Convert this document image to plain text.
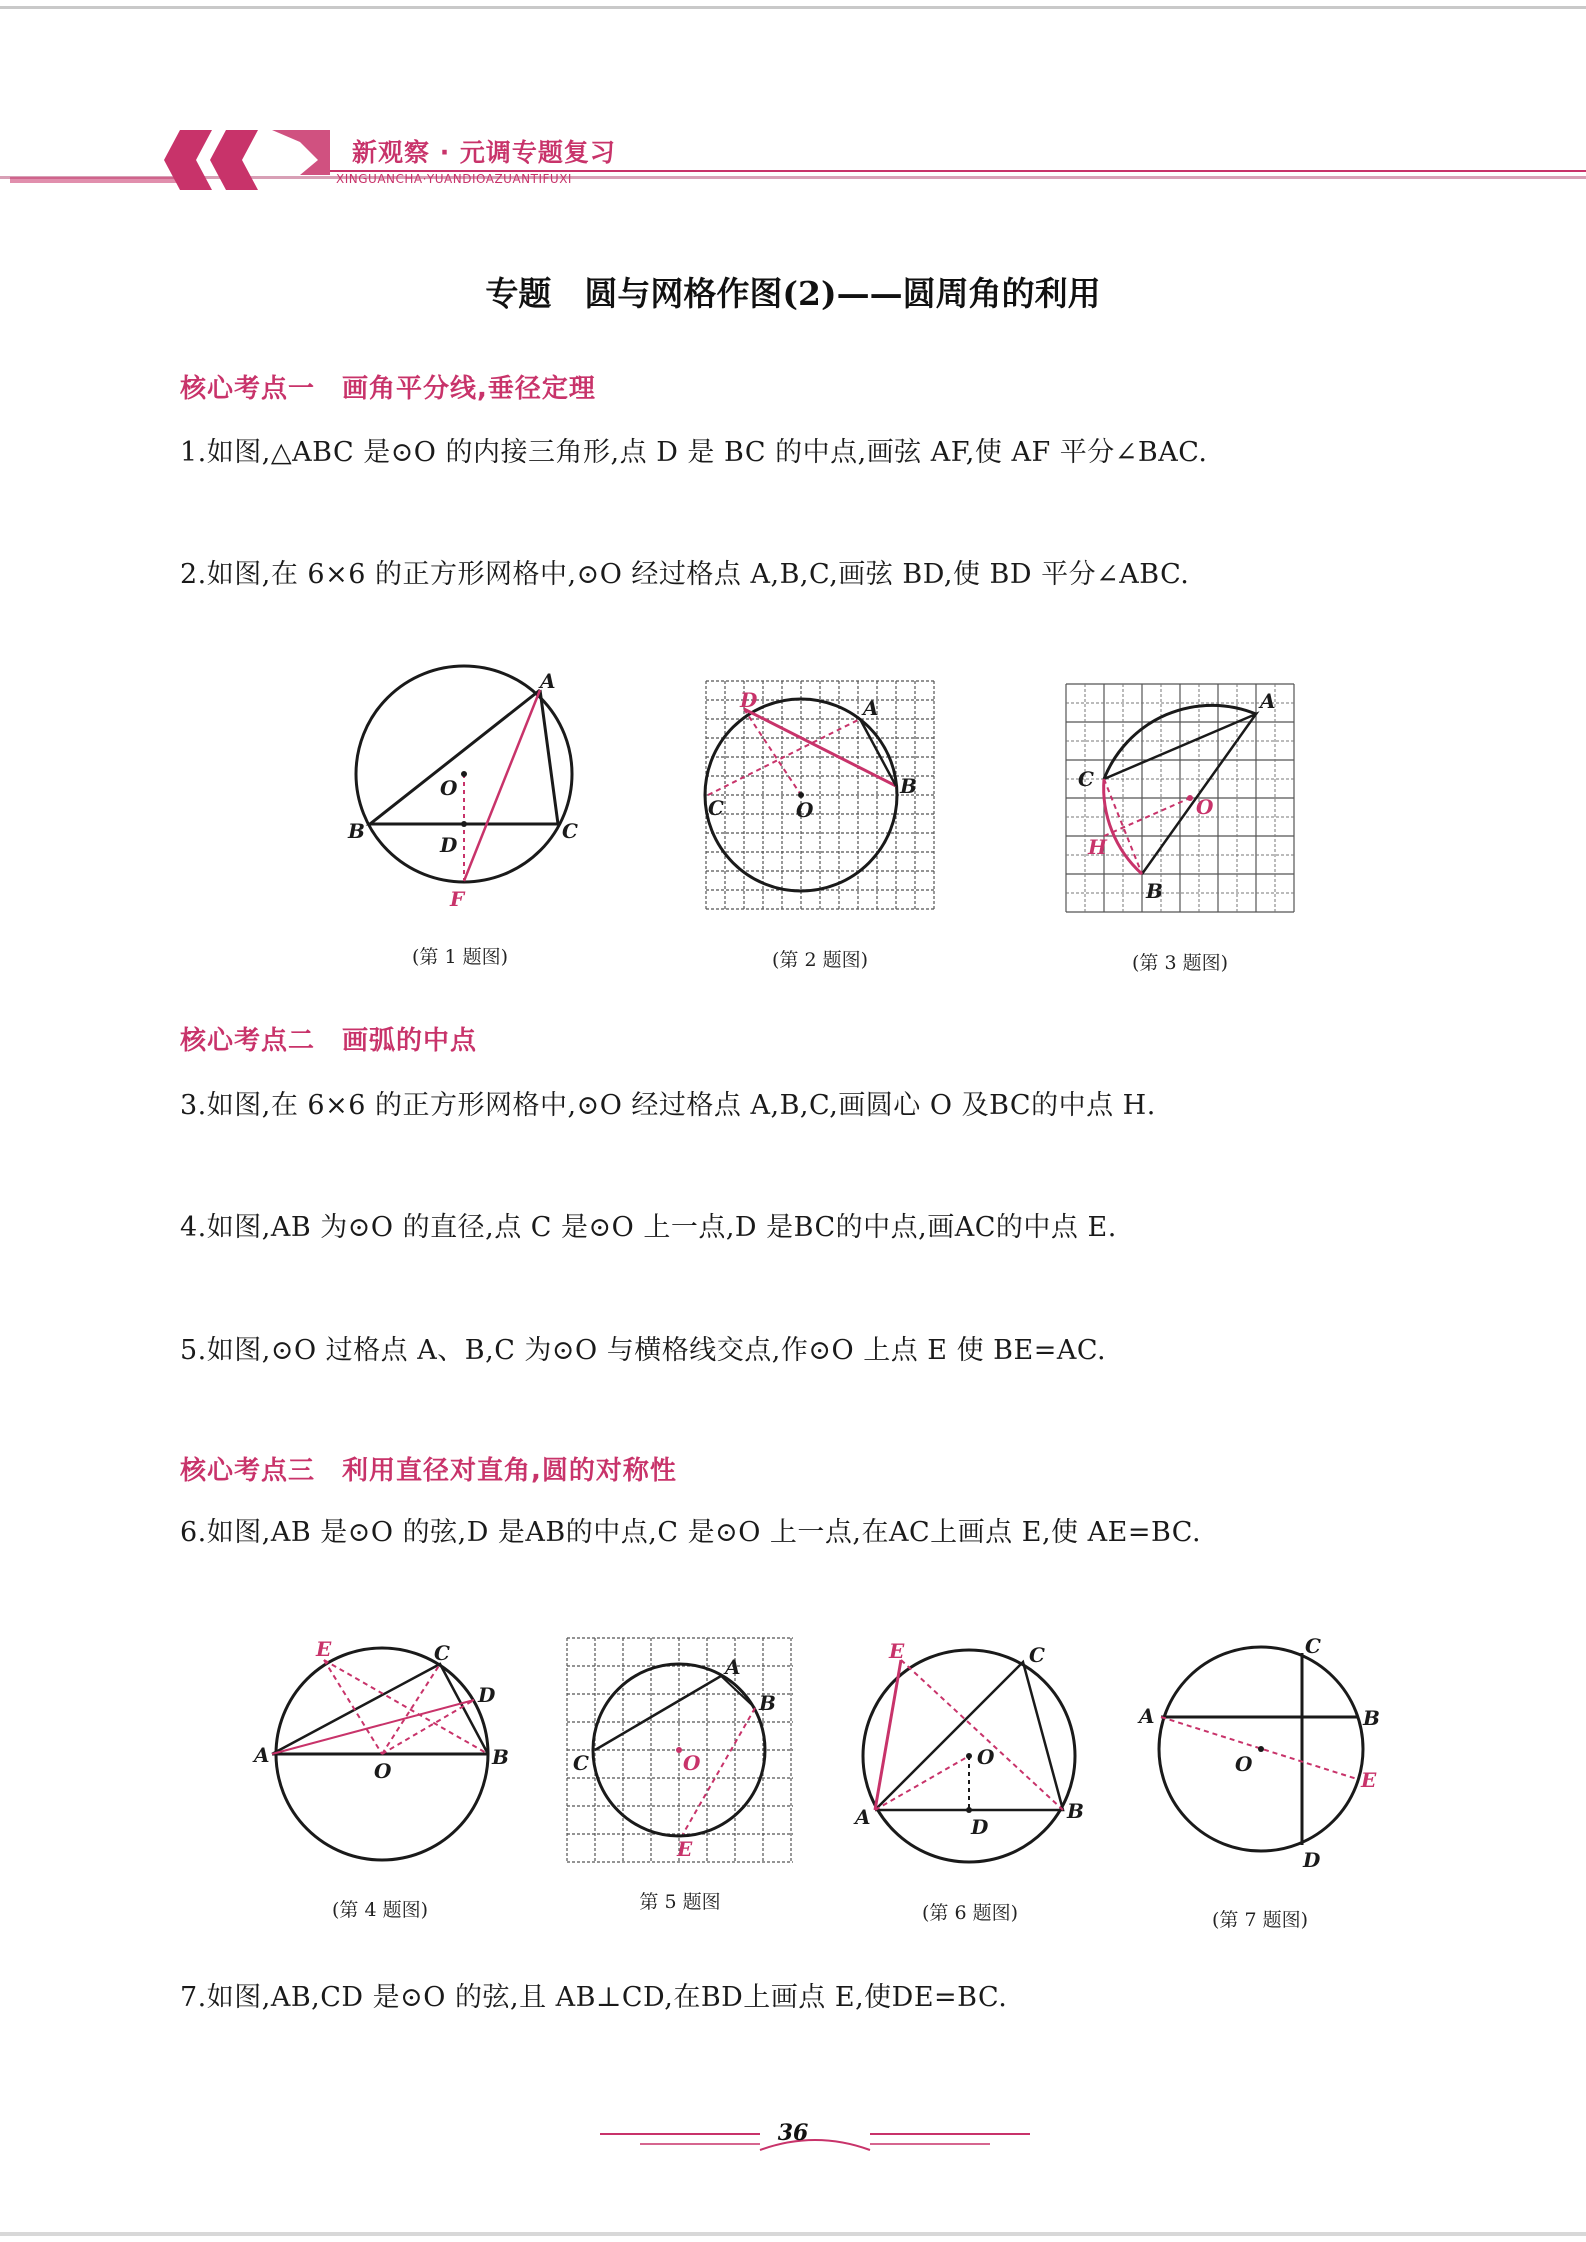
新观察 · 元调专题复习
XINGUANCHA·YUANDIOAZUANTIFUXI
专题　圆与网格作图(2)——圆周角的利用
核心考点一　画角平分线,垂径定理
1.如图,△ABC 是⊙O 的内接三角形,点 D 是 BC 的中点,画弦 AF,使 AF 平分∠BAC.
2.如图,在 6×6 的正方形网格中,⊙O 经过格点 A,B,C,画弦 BD,使 BD 平分∠ABC.
A
B	C
D
O
F
(第 1 题图)
D	A
B
C	O
(第 2 题图)
A
C
B
O
H
(第 3 题图)
核心考点二　画弧的中点
3.如图,在 6×6 的正方形网格中,⊙O 经过格点 A,B,C,画圆心 O 及BC的中点 H.
4.如图,AB 为⊙O 的直径,点 C 是⊙O 上一点,D 是BC的中点,画AC的中点 E.
5.如图,⊙O 过格点 A、B,C 为⊙O 与横格线交点,作⊙O 上点 E 使 BE=AC.
核心考点三　利用直径对直角,圆的对称性
6.如图,AB 是⊙O 的弦,D 是AB的中点,C 是⊙O 上一点,在AC上画点 E,使 AE=BC.
E	C
D
A	B
O
(第 4 题图)
A
B
C	O
E
第 5 题图
E	C
O
A	D
B
(第 6 题图)
C
A	B
O
E
D
(第 7 题图)
7.如图,AB,CD 是⊙O 的弦,且 AB⊥CD,在BD上画点 E,使DE=BC.
36
